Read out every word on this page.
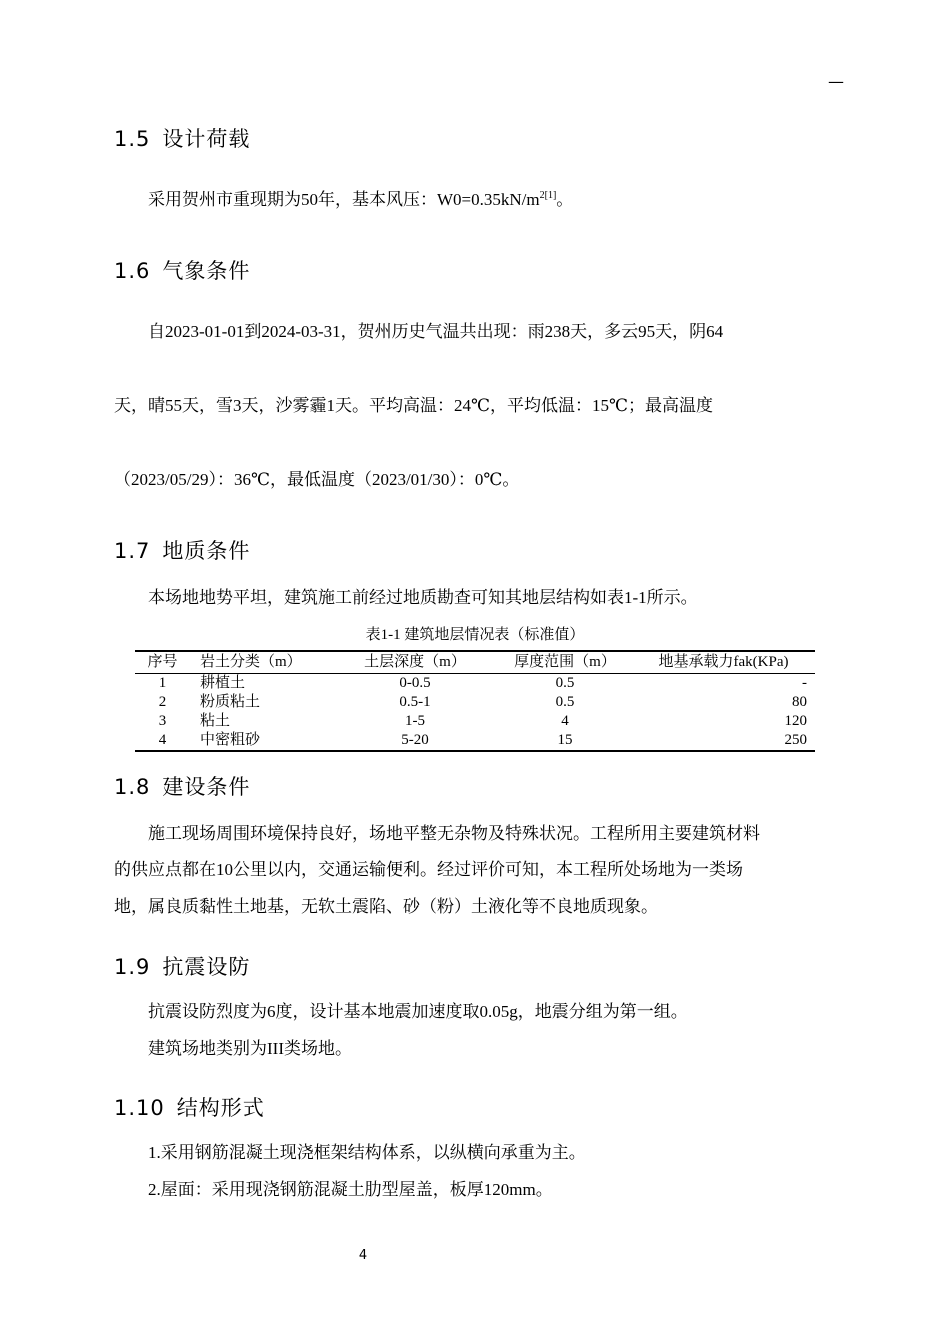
—
1.5 设计荷载
采用贺州市重现期为50年，基本风压：$W0=0.35kN/m^{2[1]}$。
1.6 气象条件
自2023-01-01到2024-03-31，贺州历史气温共出现：雨238天，多云95天，阴64
天，晴55天，雪3天，沙雾霾1天。平均高温：24℃，平均低温：15℃；最高温度
（2023/05/29）：36℃，最低温度（2023/01/30）：0℃。
1.7 地质条件
本场地地势平坦，建筑施工前经过地质勘查可知其地层结构如表1-1所示。
表1-1 建筑地层情况表（标准值）
序号	岩土分类（m）	土层深度（m）	厚度范围（m）	地基承载力fak(KPa)
1	耕植土	0-0.5	0.5	-
2	粉质粘土	0.5-1	0.5	80
3	粘土	1-5	4	120
4	中密粗砂	5-20	15	250
1.8 建设条件
施工现场周围环境保持良好，场地平整无杂物及特殊状况。工程所用主要建筑材料
的供应点都在10公里以内，交通运输便利。经过评价可知，本工程所处场地为一类场
地，属良质黏性土地基，无软土震陷、砂（粉）土液化等不良地质现象。
1.9 抗震设防
抗震设防烈度为6度，设计基本地震加速度取0.05g，地震分组为第一组。
建筑场地类别为III类场地。
1.10 结构形式
1.采用钢筋混凝土现浇框架结构体系，以纵横向承重为主。
2.屋面：采用现浇钢筋混凝土肋型屋盖，板厚120mm。
4
